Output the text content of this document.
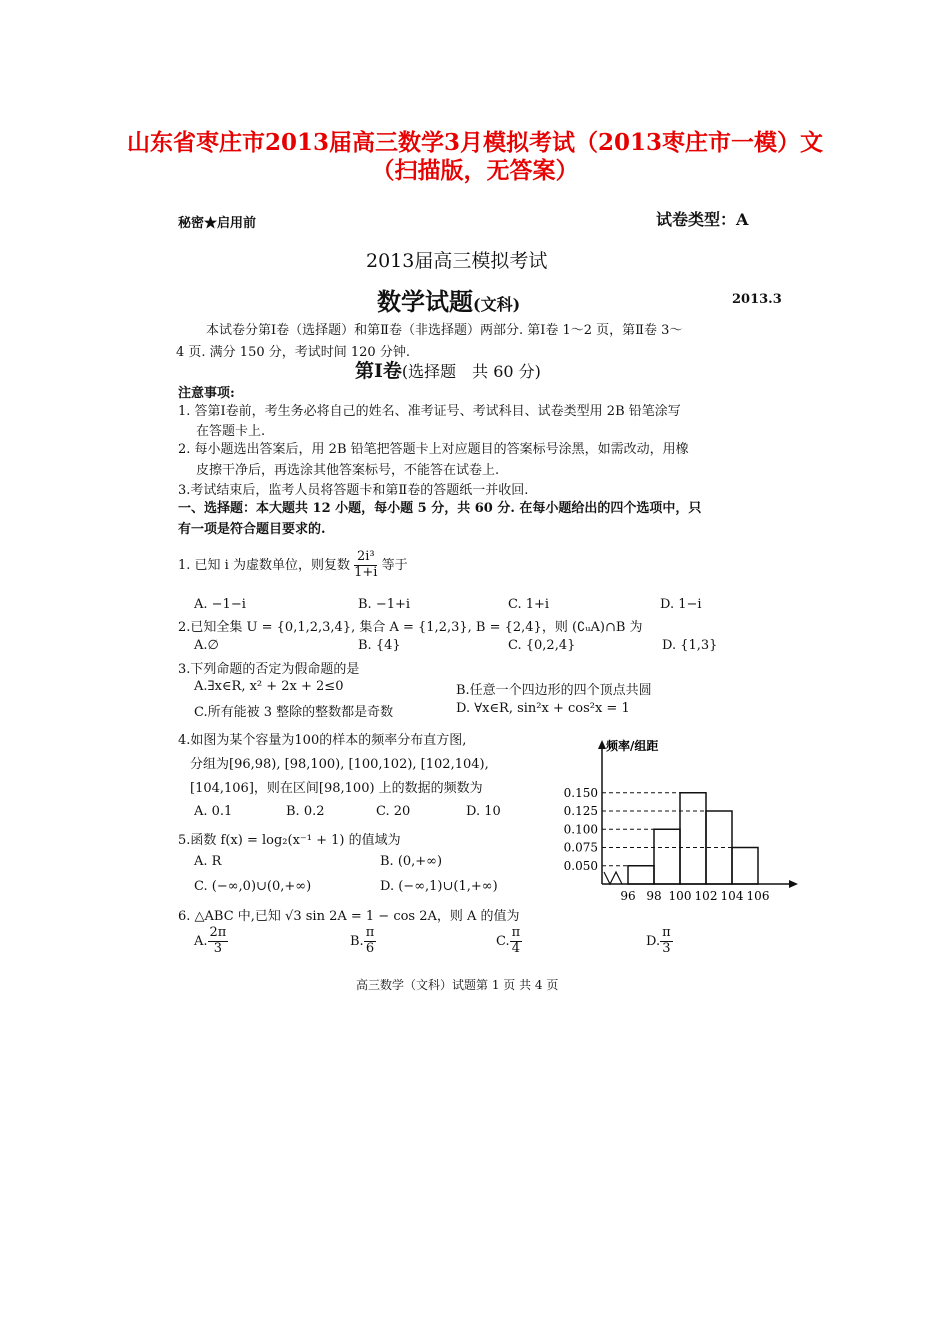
山东省枣庄市2013届高三数学3月模拟考试（2013枣庄市一模）文
（扫描版，无答案）
秘密★启用前	试卷类型：A
2013届高三模拟考试
数学试题(文科)	2013.3
本试卷分第Ⅰ卷（选择题）和第Ⅱ卷（非选择题）两部分. 第Ⅰ卷 1～2 页，第Ⅱ卷 3～
4 页. 满分 150 分，考试时间 120 分钟.
第Ⅰ卷(选择题　共 60 分)
注意事项:
1. 答第Ⅰ卷前，考生务必将自己的姓名、准考证号、考试科目、试卷类型用 2B 铅笔涂写
在答题卡上.
2. 每小题选出答案后，用 2B 铅笔把答题卡上对应题目的答案标号涂黑，如需改动，用橡
皮擦干净后，再选涂其他答案标号，不能答在试卷上.
3.考试结束后，监考人员将答题卡和第Ⅱ卷的答题纸一并收回.
一、选择题：本大题共 12 小题，每小题 5 分，共 60 分. 在每小题给出的四个选项中，只
有一项是符合题目要求的.
1. 已知 i 为虚数单位，则复数 $\frac{\text{2i³}}{1+i}$ 等于
A. −1−i	B. −1+i	C. 1+i	D. 1−i
2.已知全集 U = {0,1,2,3,4}, 集合 A = {1,2,3}, B = {2,4}，则 (∁ᵤA)∩B 为
A.∅	B. {4}	C. {0,2,4}	D. {1,3}
3.下列命题的否定为假命题的是
A.∃x∈R, x² + 2x + 2≤0	B.任意一个四边形的四个顶点共圆
C.所有能被 3 整除的整数都是奇数	D. ∀x∈R, sin²x + cos²x = 1
4.如图为某个容量为100的样本的频率分布直方图,
分组为[96,98), [98,100), [100,102), [102,104),
[104,106]，则在区间[98,100) 上的数据的频数为
A. 0.1	B. 0.2	C. 20	D. 10
5.函数 f(x) = log₂(x⁻¹ + 1) 的值域为
A. R	B. (0,+∞)
C. (−∞,0)∪(0,+∞)	D. (−∞,1)∪(1,+∞)
6. △ABC 中,已知 √3 sin 2A = 1 − cos 2A，则 A 的值为
A. $\frac{2\pi}{3}$	B. $\frac{\pi}{6}$	C. $\frac{\pi}{4}$	D. $\frac{\pi}{3}$
高三数学（文科）试题第 1 页 共 4 页
0.050
0.075
0.100
0.125
0.150
96 98 100 102 104 106
频率/组距
